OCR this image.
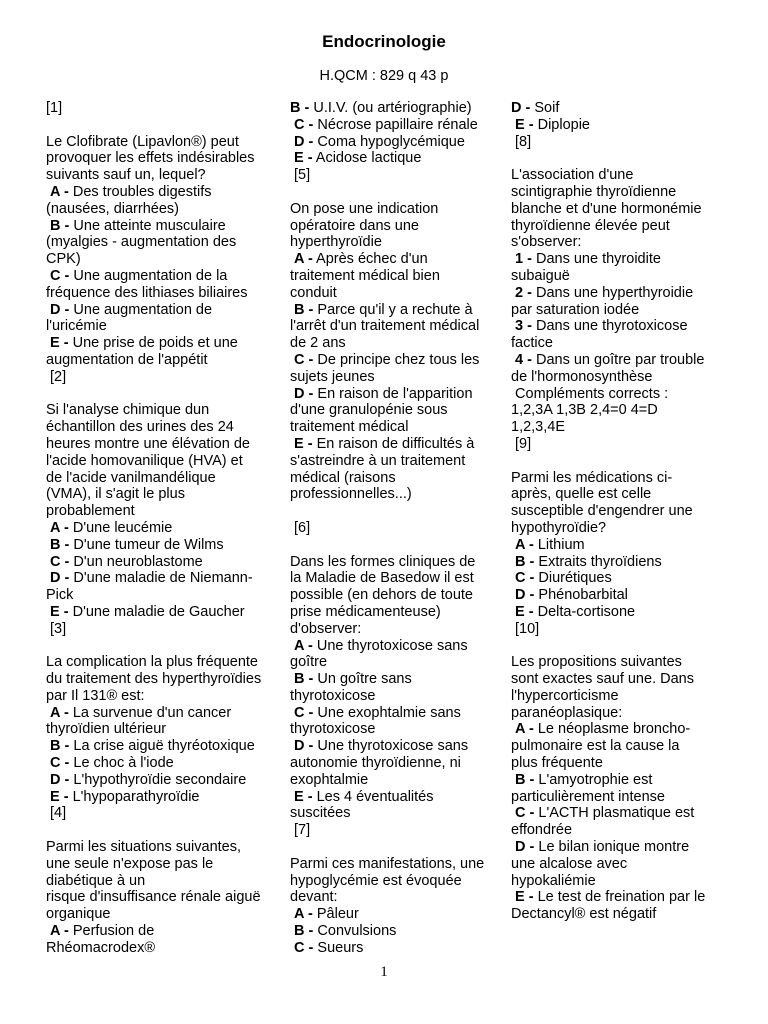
Endocrinologie
H.QCM : 829 q 43 p
[1]
Le Clofibrate (Lipavlon®) peut
provoquer les effets indésirables
suivants sauf un, lequel?
A - Des troubles digestifs
(nausées, diarrhées)
B - Une atteinte musculaire
(myalgies - augmentation des
CPK)
C - Une augmentation de la
fréquence des lithiases biliaires
D - Une augmentation de
l'uricémie
E - Une prise de poids et une
augmentation de l'appétit
[2]
Si l'analyse chimique dun
échantillon des urines des 24
heures montre une élévation de
l'acide homovanilique (HVA) et
de l'acide vanilmandélique
(VMA), il s'agit le plus
probablement
A - D'une leucémie
B - D'une tumeur de Wilms
C - D'un neuroblastome
D - D'une maladie de Niemann-
Pick
E - D'une maladie de Gaucher
[3]
La complication la plus fréquente
du traitement des hyperthyroïdies
par Il 131® est:
A - La survenue d'un cancer
thyroïdien ultérieur
B - La crise aiguë thyréotoxique
C - Le choc à l'iode
D - L'hypothyroïdie secondaire
E - L'hypoparathyroïdie
[4]
Parmi les situations suivantes,
une seule n'expose pas le
diabétique à un
risque d'insuffisance rénale aiguë
organique
A - Perfusion de
Rhéomacrodex®
B - U.I.V. (ou artériographie)
C - Nécrose papillaire rénale
D - Coma hypoglycémique
E - Acidose lactique
[5]
On pose une indication
opératoire dans une
hyperthyroïdie
A - Après échec d'un
traitement médical bien
conduit
B - Parce qu'il y a rechute à
l'arrêt d'un traitement médical
de 2 ans
C - De principe chez tous les
sujets jeunes
D - En raison de l'apparition
d'une granulopénie sous
traitement médical
E - En raison de difficultés à
s'astreindre à un traitement
médical (raisons
professionnelles...)
[6]
Dans les formes cliniques de
la Maladie de Basedow il est
possible (en dehors de toute
prise médicamenteuse)
d'observer:
A - Une thyrotoxicose sans
goître
B - Un goître sans
thyrotoxicose
C - Une exophtalmie sans
thyrotoxicose
D - Une thyrotoxicose sans
autonomie thyroïdienne, ni
exophtalmie
E - Les 4 éventualités
suscitées
[7]
Parmi ces manifestations, une
hypoglycémie est évoquée
devant:
A - Pâleur
B - Convulsions
C - Sueurs
D - Soif
E - Diplopie
[8]
L'association d'une
scintigraphie thyroïdienne
blanche et d'une hormonémie
thyroïdienne élevée peut
s'observer:
1 - Dans une thyroidite
subaiguë
2 - Dans une hyperthyroidie
par saturation iodée
3 - Dans une thyrotoxicose
factice
4 - Dans un goître par trouble
de l'hormonosynthèse
Compléments corrects :
1,2,3A 1,3B 2,4=0 4=D
1,2,3,4E
[9]
Parmi les médications ci-
après, quelle est celle
susceptible d'engendrer une
hypothyroïdie?
A - Lithium
B - Extraits thyroïdiens
C - Diurétiques
D - Phénobarbital
E - Delta-cortisone
[10]
Les propositions suivantes
sont exactes sauf une. Dans
l'hypercorticisme
paranéoplasique:
A - Le néoplasme broncho-
pulmonaire est la cause la
plus fréquente
B - L'amyotrophie est
particulièrement intense
C - L'ACTH plasmatique est
effondrée
D - Le bilan ionique montre
une alcalose avec
hypokaliémie
E - Le test de freination par le
Dectancyl® est négatif
1
